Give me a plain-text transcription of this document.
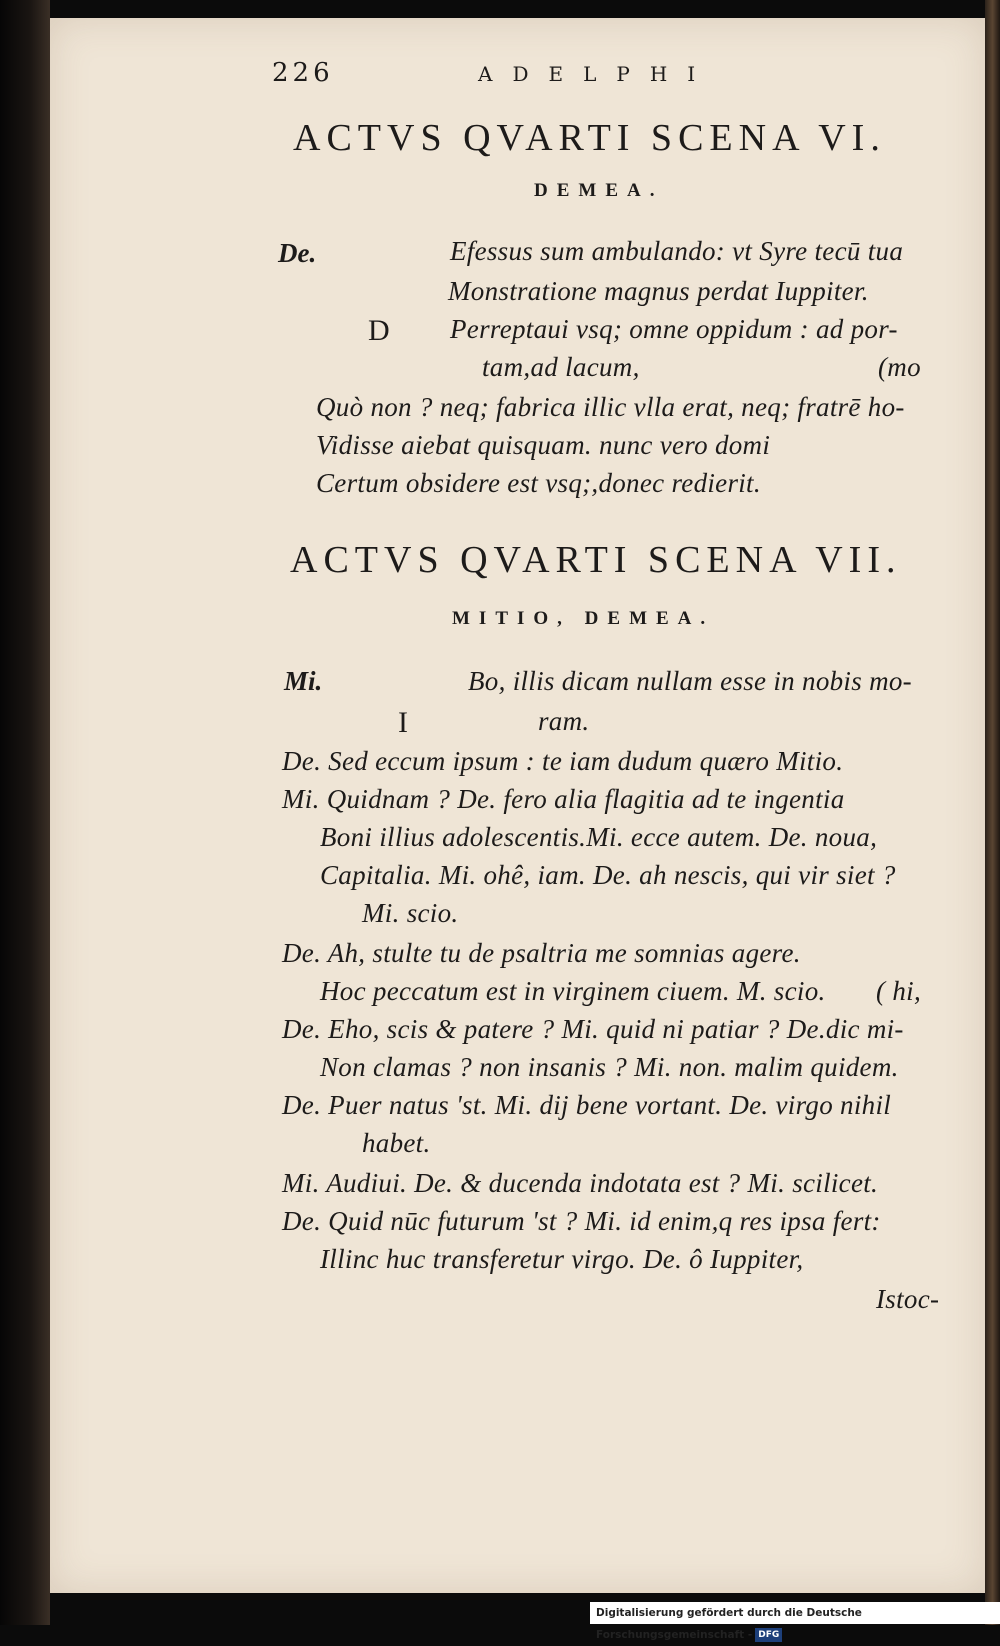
226	ADELPHI
ACTVS QVARTI SCENA VI.
DEMEA.
De.	Efessus sum ambulando: vt Syre tecū tua
Monstratione magnus perdat Iuppiter.
D Perreptaui vsq; omne oppidum : ad por-
tam,ad lacum,	(mo
Quò non ? neq; fabrica illic vlla erat, neq; fratrē ho-
Vidisse aiebat quisquam. nunc vero domi
Certum obsidere est vsq;,donec redierit.
ACTVS QVARTI SCENA VII.
MITIO, DEMEA.
Mi.	Bo, illis dicam nullam esse in nobis mo-
I	ram.
De. Sed eccum ipsum : te iam dudum quæro Mitio.
Mi. Quidnam ? De. fero alia flagitia ad te ingentia
Boni illius adolescentis.Mi. ecce autem. De. noua,
Capitalia. Mi. ohê, iam. De. ah nescis, qui vir siet ?
Mi. scio.
De. Ah, stulte tu de psaltria me somnias agere.
Hoc peccatum est in virginem ciuem. M. scio. ( hi,
De. Eho, scis & patere ? Mi. quid ni patiar ? De.dic mi-
Non clamas ? non insanis ? Mi. non. malim quidem.
De. Puer natus 'st. Mi. dij bene vortant. De. virgo nihil
habet.
Mi. Audiui. De. & ducenda indotata est ? Mi. scilicet.
De. Quid nūc futurum 'st ? Mi. id enim,q res ipsa fert:
Illinc huc transferetur virgo. De. ô Iuppiter,
Istoc-
Digitalisierung gefördert durch die Deutsche Forschungsgemeinschaft - DFG
